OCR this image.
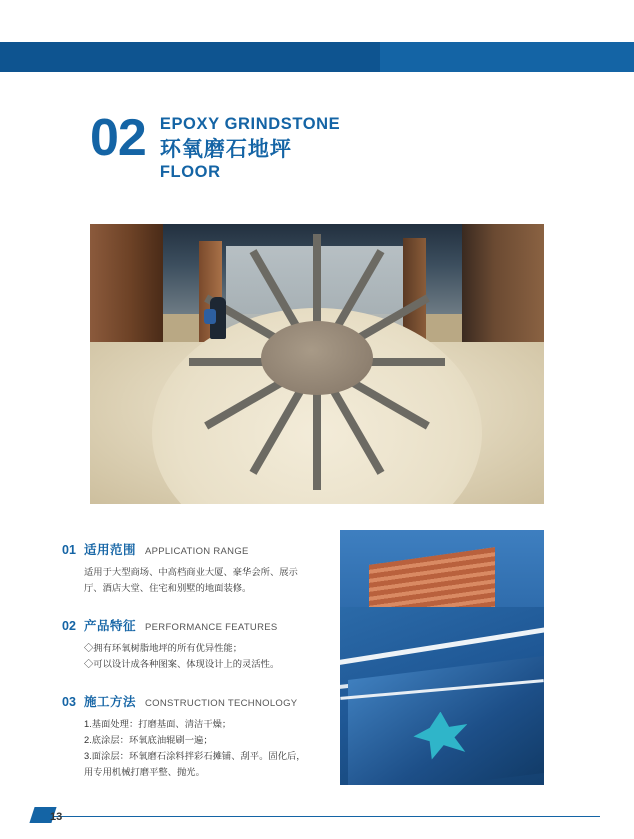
02 EPOXY GRINDSTONE
环氧磨石地坪
FLOOR
01 适用范围 APPLICATION RANGE

适用于大型商场、中高档商业大厦、豪华会所、展示

厅、酒店大堂、住宅和别墅的地面装修。

02 产品特征 PERFORMANCE FEATURES

◇拥有环氧树脂地坪的所有优异性能；

◇可以设计成各种图案、体现设计上的灵活性。

03 施工方法 CONSTRUCTION TECHNOLOGY

1.基面处理：打磨基面、清洁干燥；

2.底涂层：环氧底油辊刷一遍；

3.面涂层：环氧磨石涂料拌彩石摊铺、刮平。固化后，

用专用机械打磨平整、抛光。

13
